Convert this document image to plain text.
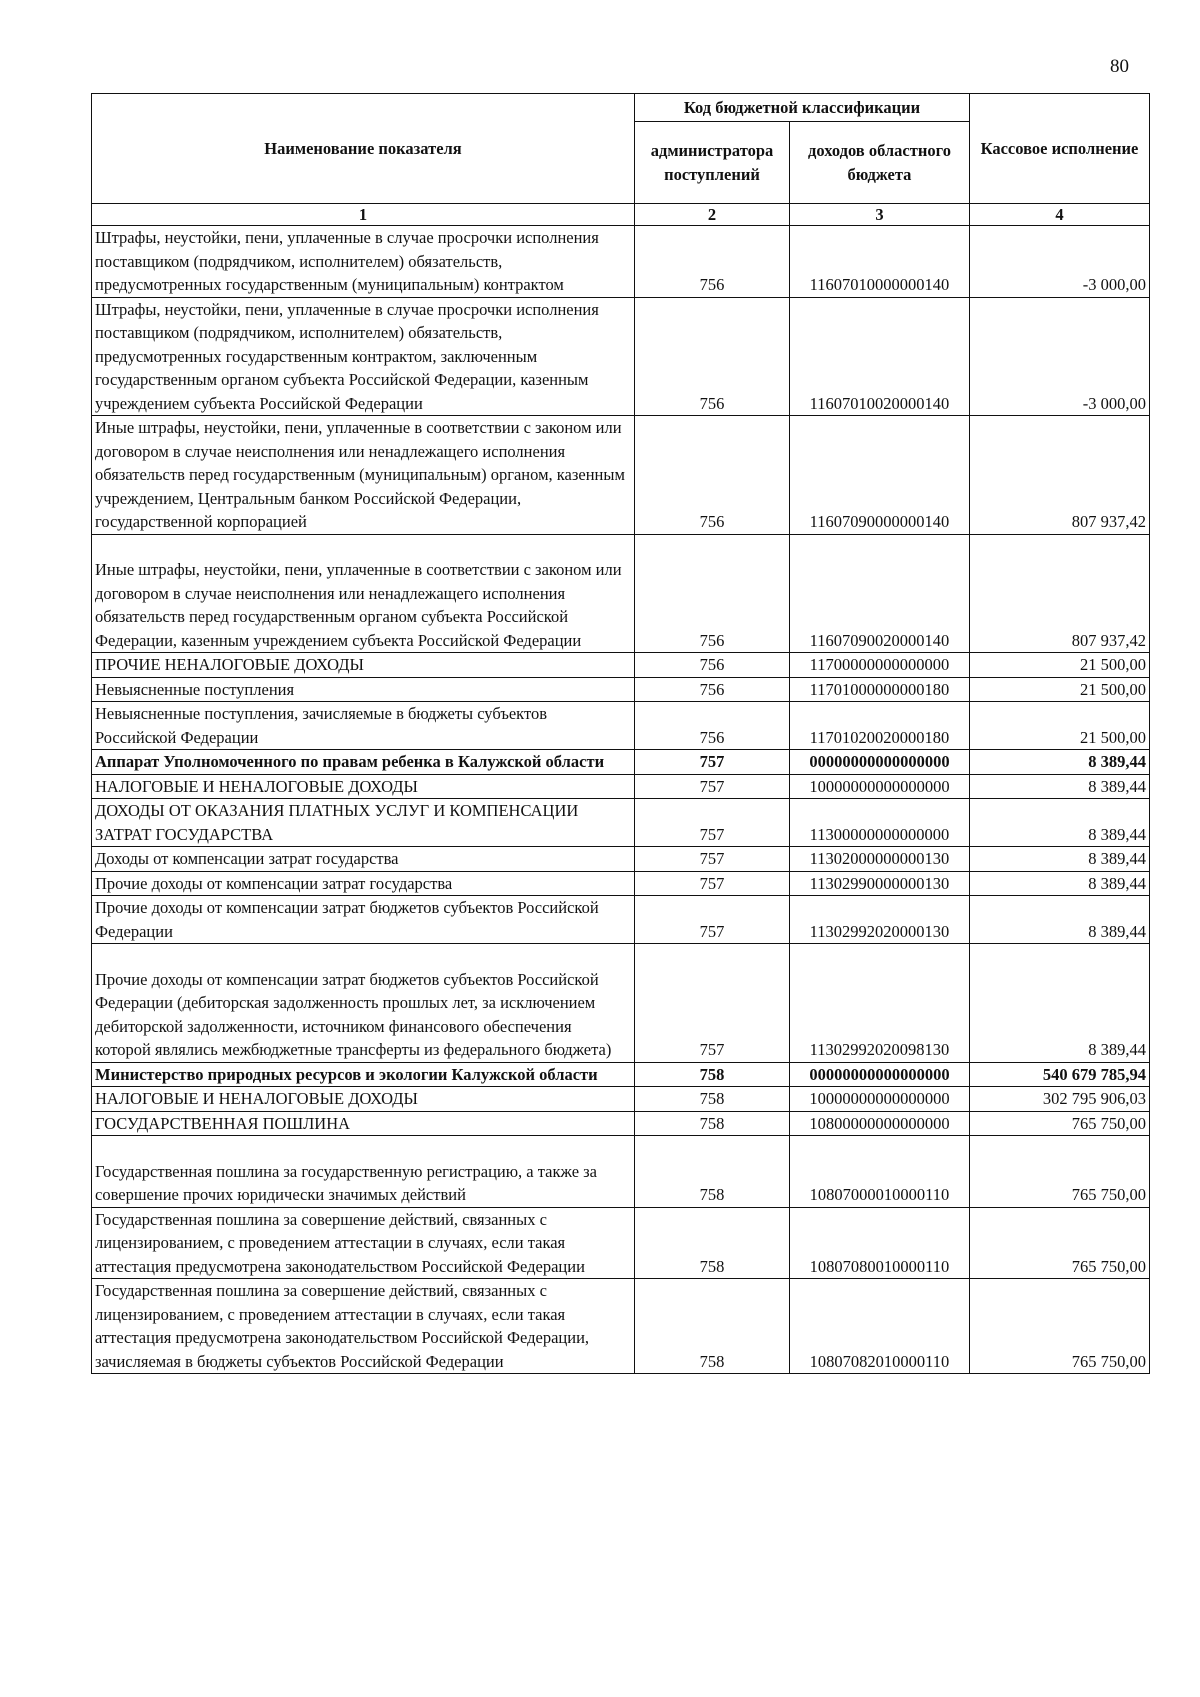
80
Наименование показателя	Код бюджетной классификации		Кассовое исполнение
	администратора поступлений	доходов областного бюджета	
1	2	3	4
Штрафы, неустойки, пени, уплаченные в случае просрочки исполнения поставщиком (подрядчиком, исполнителем) обязательств, предусмотренных государственным (муниципальным) контрактом	756	11607010000000140	-3 000,00
Штрафы, неустойки, пени, уплаченные в случае просрочки исполнения поставщиком (подрядчиком, исполнителем) обязательств, предусмотренных государственным контрактом, заключенным государственным органом субъекта Российской Федерации, казенным учреждением субъекта Российской Федерации	756	11607010020000140	-3 000,00
Иные штрафы, неустойки, пени, уплаченные в соответствии с законом или договором в случае неисполнения или ненадлежащего исполнения обязательств перед государственным (муниципальным) органом, казенным учреждением, Центральным банком Российской Федерации, государственной корпорацией	756	11607090000000140	807 937,42

Иные штрафы, неустойки, пени, уплаченные в соответствии с законом или договором в случае неисполнения или ненадлежащего исполнения обязательств перед государственным органом субъекта Российской Федерации, казенным учреждением субъекта Российской Федерации	756	11607090020000140	807 937,42
ПРОЧИЕ НЕНАЛОГОВЫЕ ДОХОДЫ	756	11700000000000000	21 500,00
Невыясненные поступления	756	11701000000000180	21 500,00
Невыясненные поступления, зачисляемые в бюджеты субъектов Российской Федерации	756	11701020020000180	21 500,00
Аппарат Уполномоченного по правам ребенка в Калужской области	757	00000000000000000	8 389,44
НАЛОГОВЫЕ И НЕНАЛОГОВЫЕ ДОХОДЫ	757	10000000000000000	8 389,44
ДОХОДЫ ОТ ОКАЗАНИЯ ПЛАТНЫХ УСЛУГ И КОМПЕНСАЦИИ ЗАТРАТ ГОСУДАРСТВА	757	11300000000000000	8 389,44
Доходы от компенсации затрат государства	757	11302000000000130	8 389,44
Прочие доходы от компенсации затрат государства	757	11302990000000130	8 389,44
Прочие доходы от компенсации затрат бюджетов субъектов Российской Федерации	757	11302992020000130	8 389,44

Прочие доходы от компенсации затрат бюджетов субъектов Российской Федерации (дебиторская задолженность прошлых лет, за исключением дебиторской задолженности, источником финансового обеспечения которой являлись межбюджетные трансферты из федерального бюджета)	757	11302992020098130	8 389,44
Министерство природных ресурсов и экологии Калужской области	758	00000000000000000	540 679 785,94
НАЛОГОВЫЕ И НЕНАЛОГОВЫЕ ДОХОДЫ	758	10000000000000000	302 795 906,03
ГОСУДАРСТВЕННАЯ ПОШЛИНА	758	10800000000000000	765 750,00

Государственная пошлина за государственную регистрацию, а также за совершение прочих юридически значимых действий	758	10807000010000110	765 750,00
Государственная пошлина за совершение действий, связанных с лицензированием, с проведением аттестации в случаях, если такая аттестация предусмотрена законодательством Российской Федерации	758	10807080010000110	765 750,00
Государственная пошлина за совершение действий, связанных с лицензированием, с проведением аттестации в случаях, если такая аттестация предусмотрена законодательством Российской Федерации, зачисляемая в бюджеты субъектов Российской Федерации	758	10807082010000110	765 750,00
